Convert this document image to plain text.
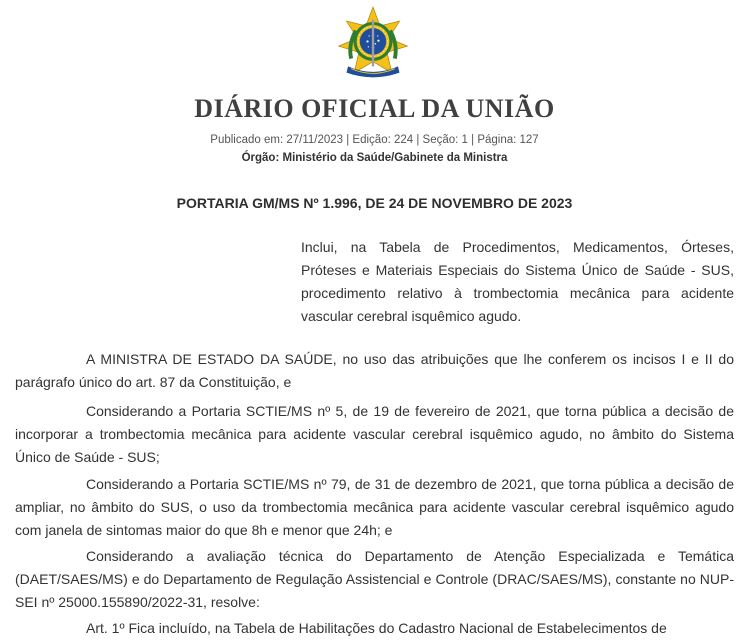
DIÁRIO OFICIAL DA UNIÃO
Publicado em: 27/11/2023 | Edição: 224 | Seção: 1 | Página: 127
Órgão: Ministério da Saúde/Gabinete da Ministra
PORTARIA GM/MS Nº 1.996, DE 24 DE NOVEMBRO DE 2023
Inclui, na Tabela de Procedimentos, Medicamentos, Órteses, Próteses e Materiais Especiais do Sistema Único de Saúde - SUS, procedimento relativo à trombectomia mecânica para acidente vascular cerebral isquêmico agudo.
A MINISTRA DE ESTADO DA SAÚDE, no uso das atribuições que lhe conferem os incisos I e II do parágrafo único do art. 87 da Constituição, e
Considerando a Portaria SCTIE/MS nº 5, de 19 de fevereiro de 2021, que torna pública a decisão de incorporar a trombectomia mecânica para acidente vascular cerebral isquêmico agudo, no âmbito do Sistema Único de Saúde - SUS;
Considerando a Portaria SCTIE/MS nº 79, de 31 de dezembro de 2021, que torna pública a decisão de ampliar, no âmbito do SUS, o uso da trombectomia mecânica para acidente vascular cerebral isquêmico agudo com janela de sintomas maior do que 8h e menor que 24h; e
Considerando a avaliação técnica do Departamento de Atenção Especializada e Temática (DAET/SAES/MS) e do Departamento de Regulação Assistencial e Controle (DRAC/SAES/MS), constante no NUP-SEI nº 25000.155890/2022-31, resolve:
Art. 1º Fica incluído, na Tabela de Habilitações do Cadastro Nacional de Estabelecimentos de
